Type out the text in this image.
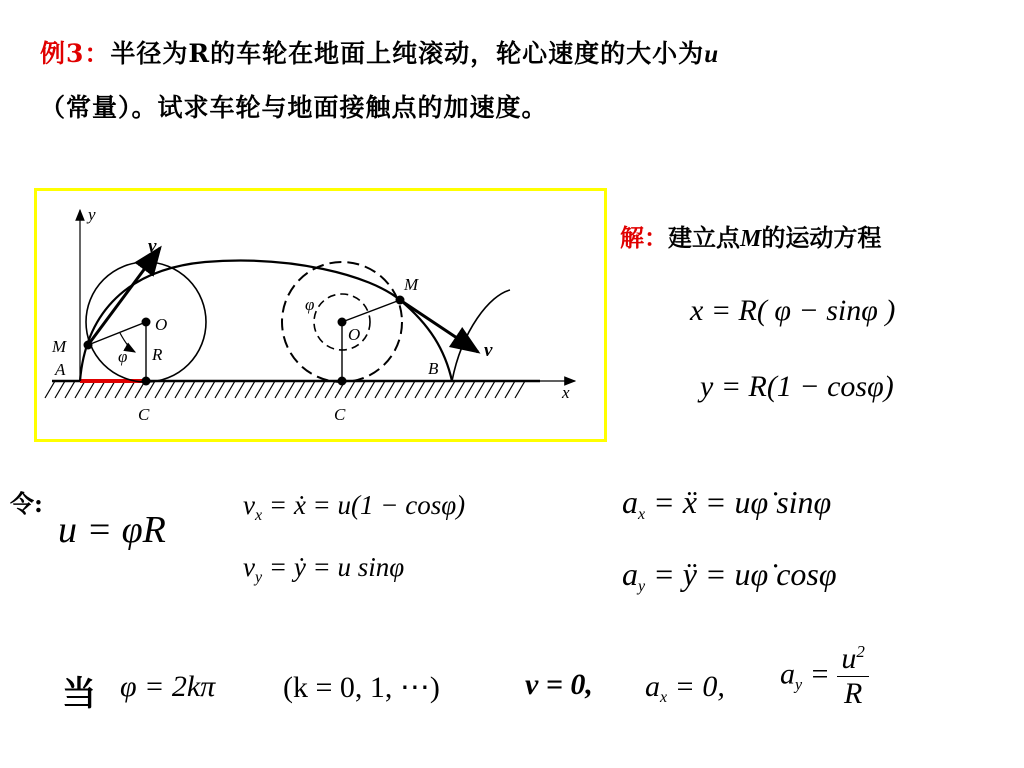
例3：半径为R的车轮在地面上纯滚动，轮心速度的大小为u
（常量）。试求车轮与地面接触点的加速度。
y
x
v
O
R
M
φ
A
C
φ
O
M
v
B
C
解：建立点M的运动方程
x = R( φ − sinφ )
y = R(1 − cosφ)
令:
u = φ̇R
$v_x$ = ẋ = u(1 − cosφ)
$v_y$ = ẏ = u sinφ
$a_x$ = ẍ = uφ̇ sinφ
$a_y$ = ÿ = uφ̇ cosφ
当 φ = 2kπ (k = 0, 1, ⋯)	v = 0, $a_x = 0$, $a_y = \frac{u^2}{R}$
